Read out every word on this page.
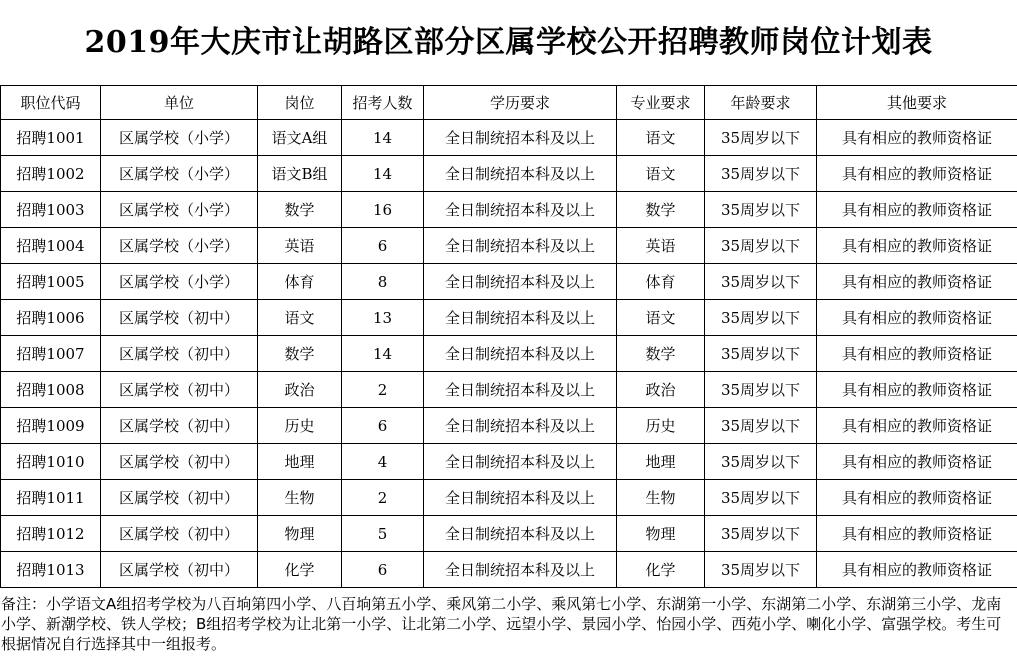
2019年大庆市让胡路区部分区属学校公开招聘教师岗位计划表
职位代码	单位	岗位	招考人数	学历要求	专业要求	年龄要求	其他要求
招聘1001	区属学校（小学）	语文A组	14	全日制统招本科及以上	语文	35周岁以下	具有相应的教师资格证
招聘1002	区属学校（小学）	语文B组	14	全日制统招本科及以上	语文	35周岁以下	具有相应的教师资格证
招聘1003	区属学校（小学）	数学	16	全日制统招本科及以上	数学	35周岁以下	具有相应的教师资格证
招聘1004	区属学校（小学）	英语	6	全日制统招本科及以上	英语	35周岁以下	具有相应的教师资格证
招聘1005	区属学校（小学）	体育	8	全日制统招本科及以上	体育	35周岁以下	具有相应的教师资格证
招聘1006	区属学校（初中）	语文	13	全日制统招本科及以上	语文	35周岁以下	具有相应的教师资格证
招聘1007	区属学校（初中）	数学	14	全日制统招本科及以上	数学	35周岁以下	具有相应的教师资格证
招聘1008	区属学校（初中）	政治	2	全日制统招本科及以上	政治	35周岁以下	具有相应的教师资格证
招聘1009	区属学校（初中）	历史	6	全日制统招本科及以上	历史	35周岁以下	具有相应的教师资格证
招聘1010	区属学校（初中）	地理	4	全日制统招本科及以上	地理	35周岁以下	具有相应的教师资格证
招聘1011	区属学校（初中）	生物	2	全日制统招本科及以上	生物	35周岁以下	具有相应的教师资格证
招聘1012	区属学校（初中）	物理	5	全日制统招本科及以上	物理	35周岁以下	具有相应的教师资格证
招聘1013	区属学校（初中）	化学	6	全日制统招本科及以上	化学	35周岁以下	具有相应的教师资格证
备注：小学语文A组招考学校为八百垧第四小学、八百垧第五小学、乘风第二小学、乘风第七小学、东湖第一小学、东湖第二小学、东湖第三小学、龙南小学、新潮学校、铁人学校；B组招考学校为让北第一小学、让北第二小学、远望小学、景园小学、怡园小学、西苑小学、喇化小学、富强学校。考生可根据情况自行选择其中一组报考。
